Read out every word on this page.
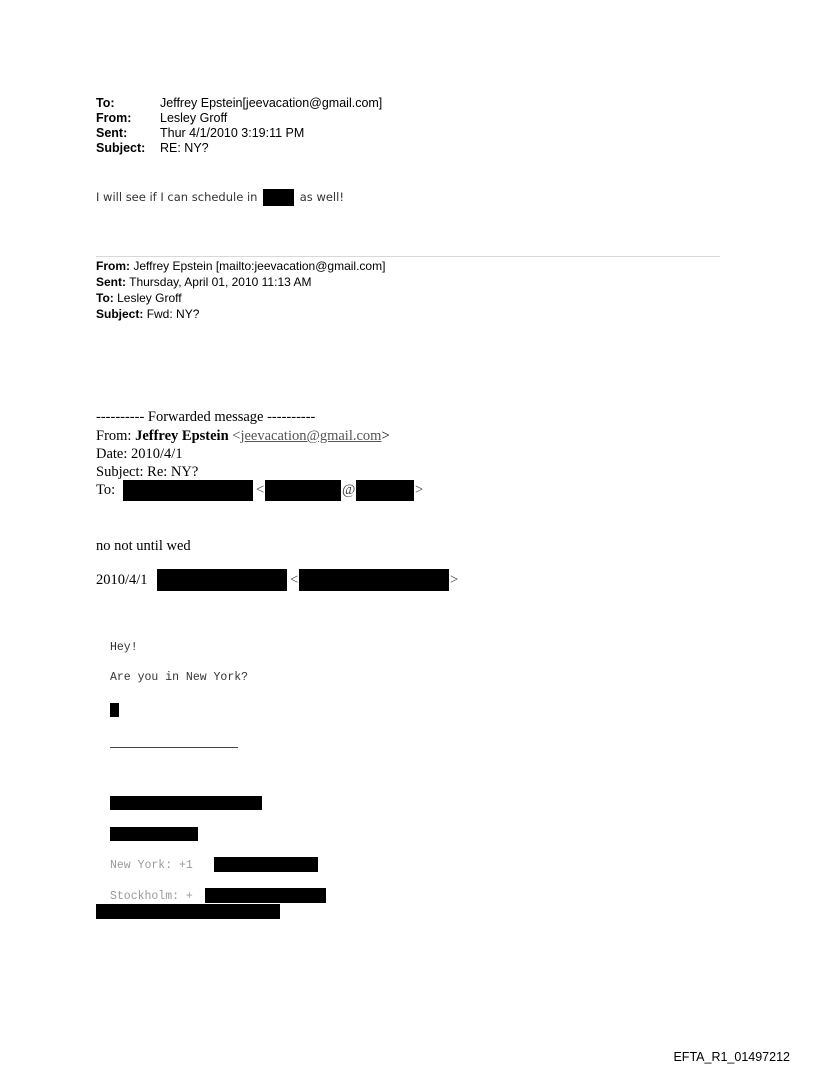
To:	Jeffrey Epstein[jeevacation@gmail.com]
From: Lesley Groff
Sent:	Thur 4/1/2010 3:19:11 PM
Subject: RE: NY?
I will see if I can schedule in	as well!
From: Jeffrey Epstein [mailto:jeevacation@gmail.com]
Sent: Thursday, April 01, 2010 11:13 AM
To: Lesley Groff
Subject: Fwd: NY?
---------- Forwarded message ----------
From: Jeffrey Epstein <jeevacation@gmail.com>
Date: 2010/4/1
Subject: Re: NY?
To:	<	@	>
no not until wed
2010/4/1	<	>
Hey!
Are you in New York?
New York: +1
Stockholm: +
EFTA_R1_01497212
